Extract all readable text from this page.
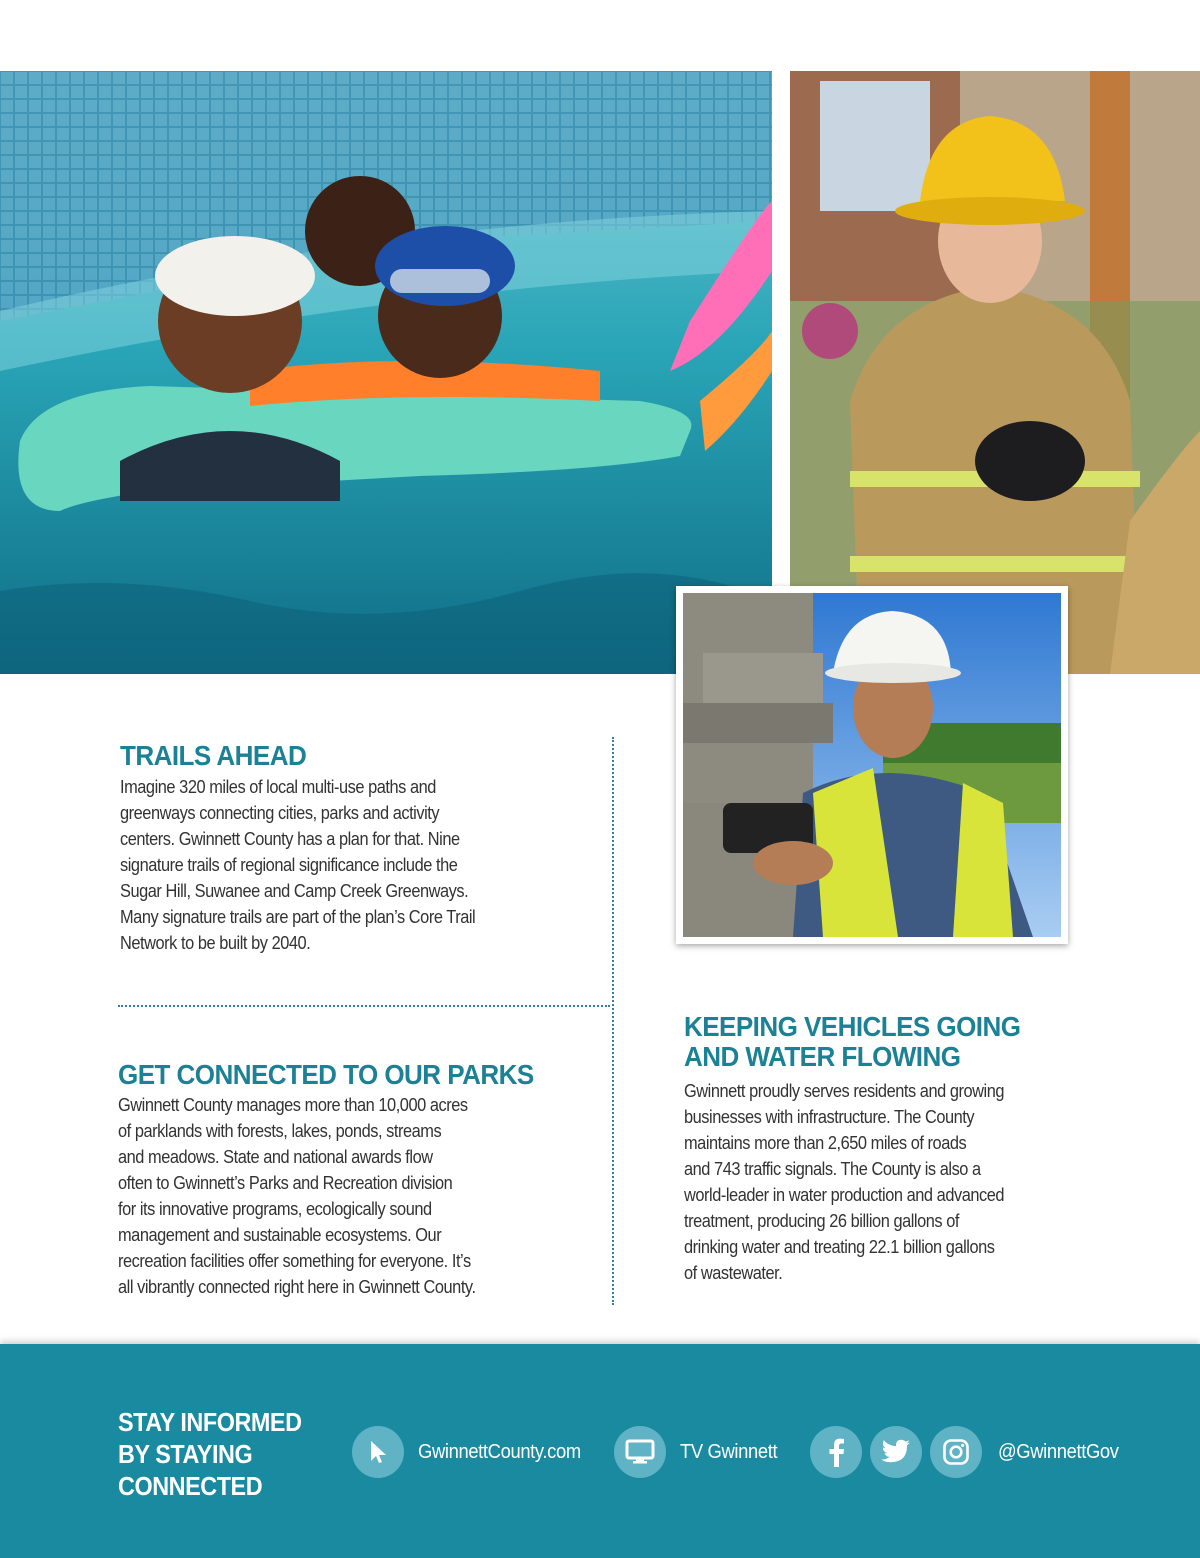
TRAILS AHEAD
Imagine 320 miles of local multi-use paths and
greenways connecting cities, parks and activity
centers. Gwinnett County has a plan for that. Nine
signature trails of regional significance include the
Sugar Hill, Suwanee and Camp Creek Greenways.
Many signature trails are part of the plan’s Core Trail
Network to be built by 2040.
GET CONNECTED TO OUR PARKS
Gwinnett County manages more than 10,000 acres
of parklands with forests, lakes, ponds, streams
and meadows. State and national awards flow
often to Gwinnett’s Parks and Recreation division
for its innovative programs, ecologically sound
management and sustainable ecosystems. Our
recreation facilities offer something for everyone. It’s
all vibrantly connected right here in Gwinnett County.
KEEPING VEHICLES GOING
AND WATER FLOWING
Gwinnett proudly serves residents and growing
businesses with infrastructure. The County
maintains more than 2,650 miles of roads
and 743 traffic signals. The County is also a
world-leader in water production and advanced
treatment, producing 26 billion gallons of
drinking water and treating 22.1 billion gallons
of wastewater.
STAY INFORMED
BY STAYING
CONNECTED
GwinnettCounty.com	TV Gwinnett	@GwinnettGov
